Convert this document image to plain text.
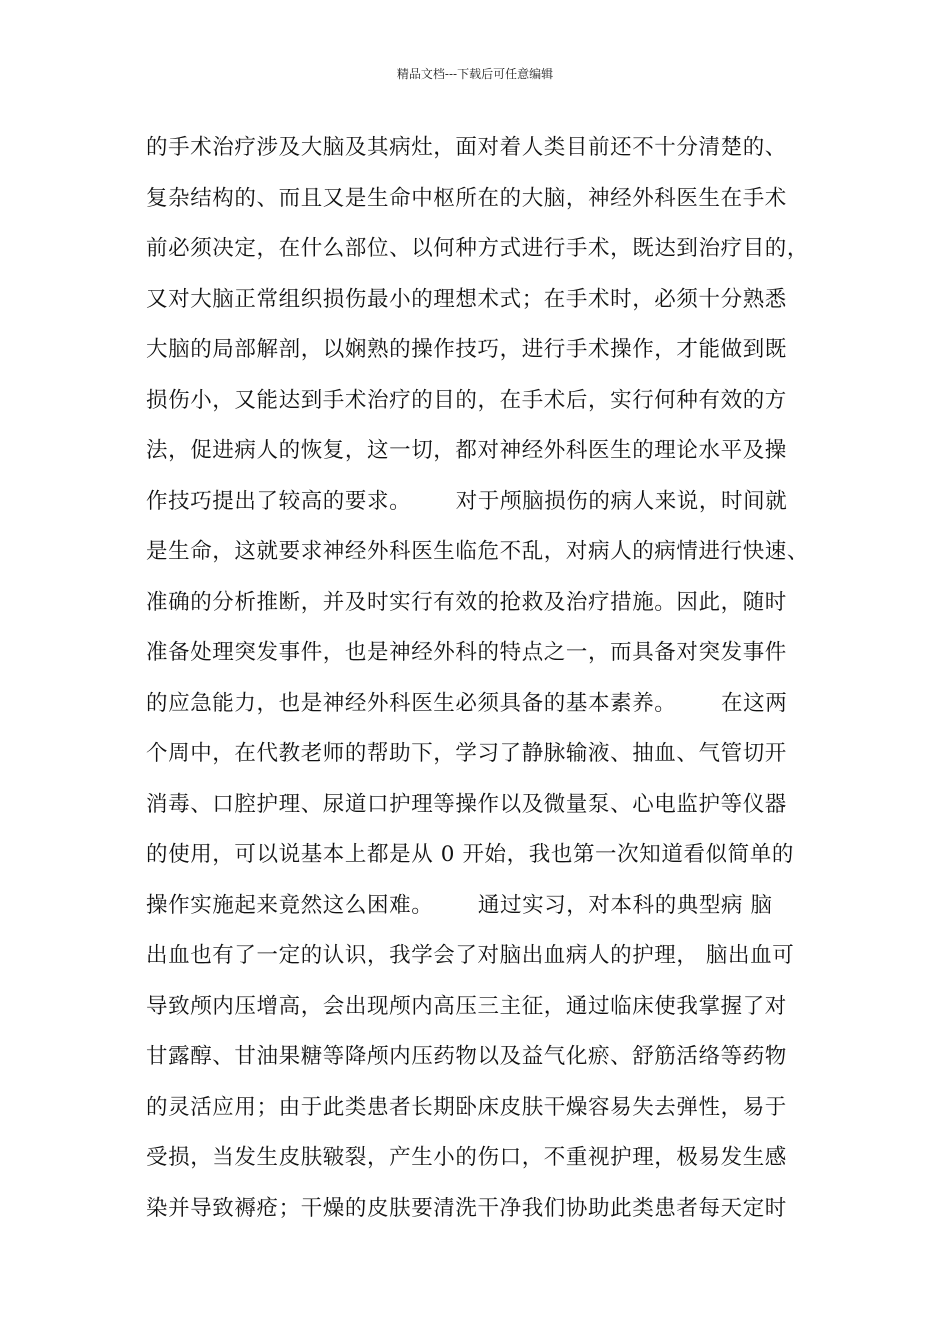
精品文档---下载后可任意编辑
的手术治疗涉及大脑及其病灶，面对着人类目前还不十分清楚的、
复杂结构的、而且又是生命中枢所在的大脑，神经外科医生在手术
前必须决定，在什么部位、以何种方式进行手术，既达到治疗目的，
又对大脑正常组织损伤最小的理想术式；在手术时，必须十分熟悉
大脑的局部解剖，以娴熟的操作技巧，进行手术操作，才能做到既
损伤小，又能达到手术治疗的目的，在手术后，实行何种有效的方
法，促进病人的恢复，这一切，都对神经外科医生的理论水平及操
作技巧提出了较高的要求。      对于颅脑损伤的病人来说，时间就
是生命，这就要求神经外科医生临危不乱，对病人的病情进行快速、
准确的分析推断，并及时实行有效的抢救及治疗措施。因此，随时
准备处理突发事件，也是神经外科的特点之一，而具备对突发事件
的应急能力，也是神经外科医生必须具备的基本素养。      在这两
个周中，在代教老师的帮助下，学习了静脉输液、抽血、气管切开
消毒、口腔护理、尿道口护理等操作以及微量泵、心电监护等仪器
的使用，可以说基本上都是从 0 开始，我也第一次知道看似简单的
操作实施起来竟然这么困难。      通过实习，对本科的典型病 脑
出血也有了一定的认识，我学会了对脑出血病人的护理， 脑出血可
导致颅内压增高，会出现颅内高压三主征，通过临床使我掌握了对
甘露醇、甘油果糖等降颅内压药物以及益气化瘀、舒筋活络等药物
的灵活应用；由于此类患者长期卧床皮肤干燥容易失去弹性，易于
受损，当发生皮肤皲裂，产生小的伤口，不重视护理，极易发生感
染并导致褥疮；干燥的皮肤要清洗干净我们协助此类患者每天定时
